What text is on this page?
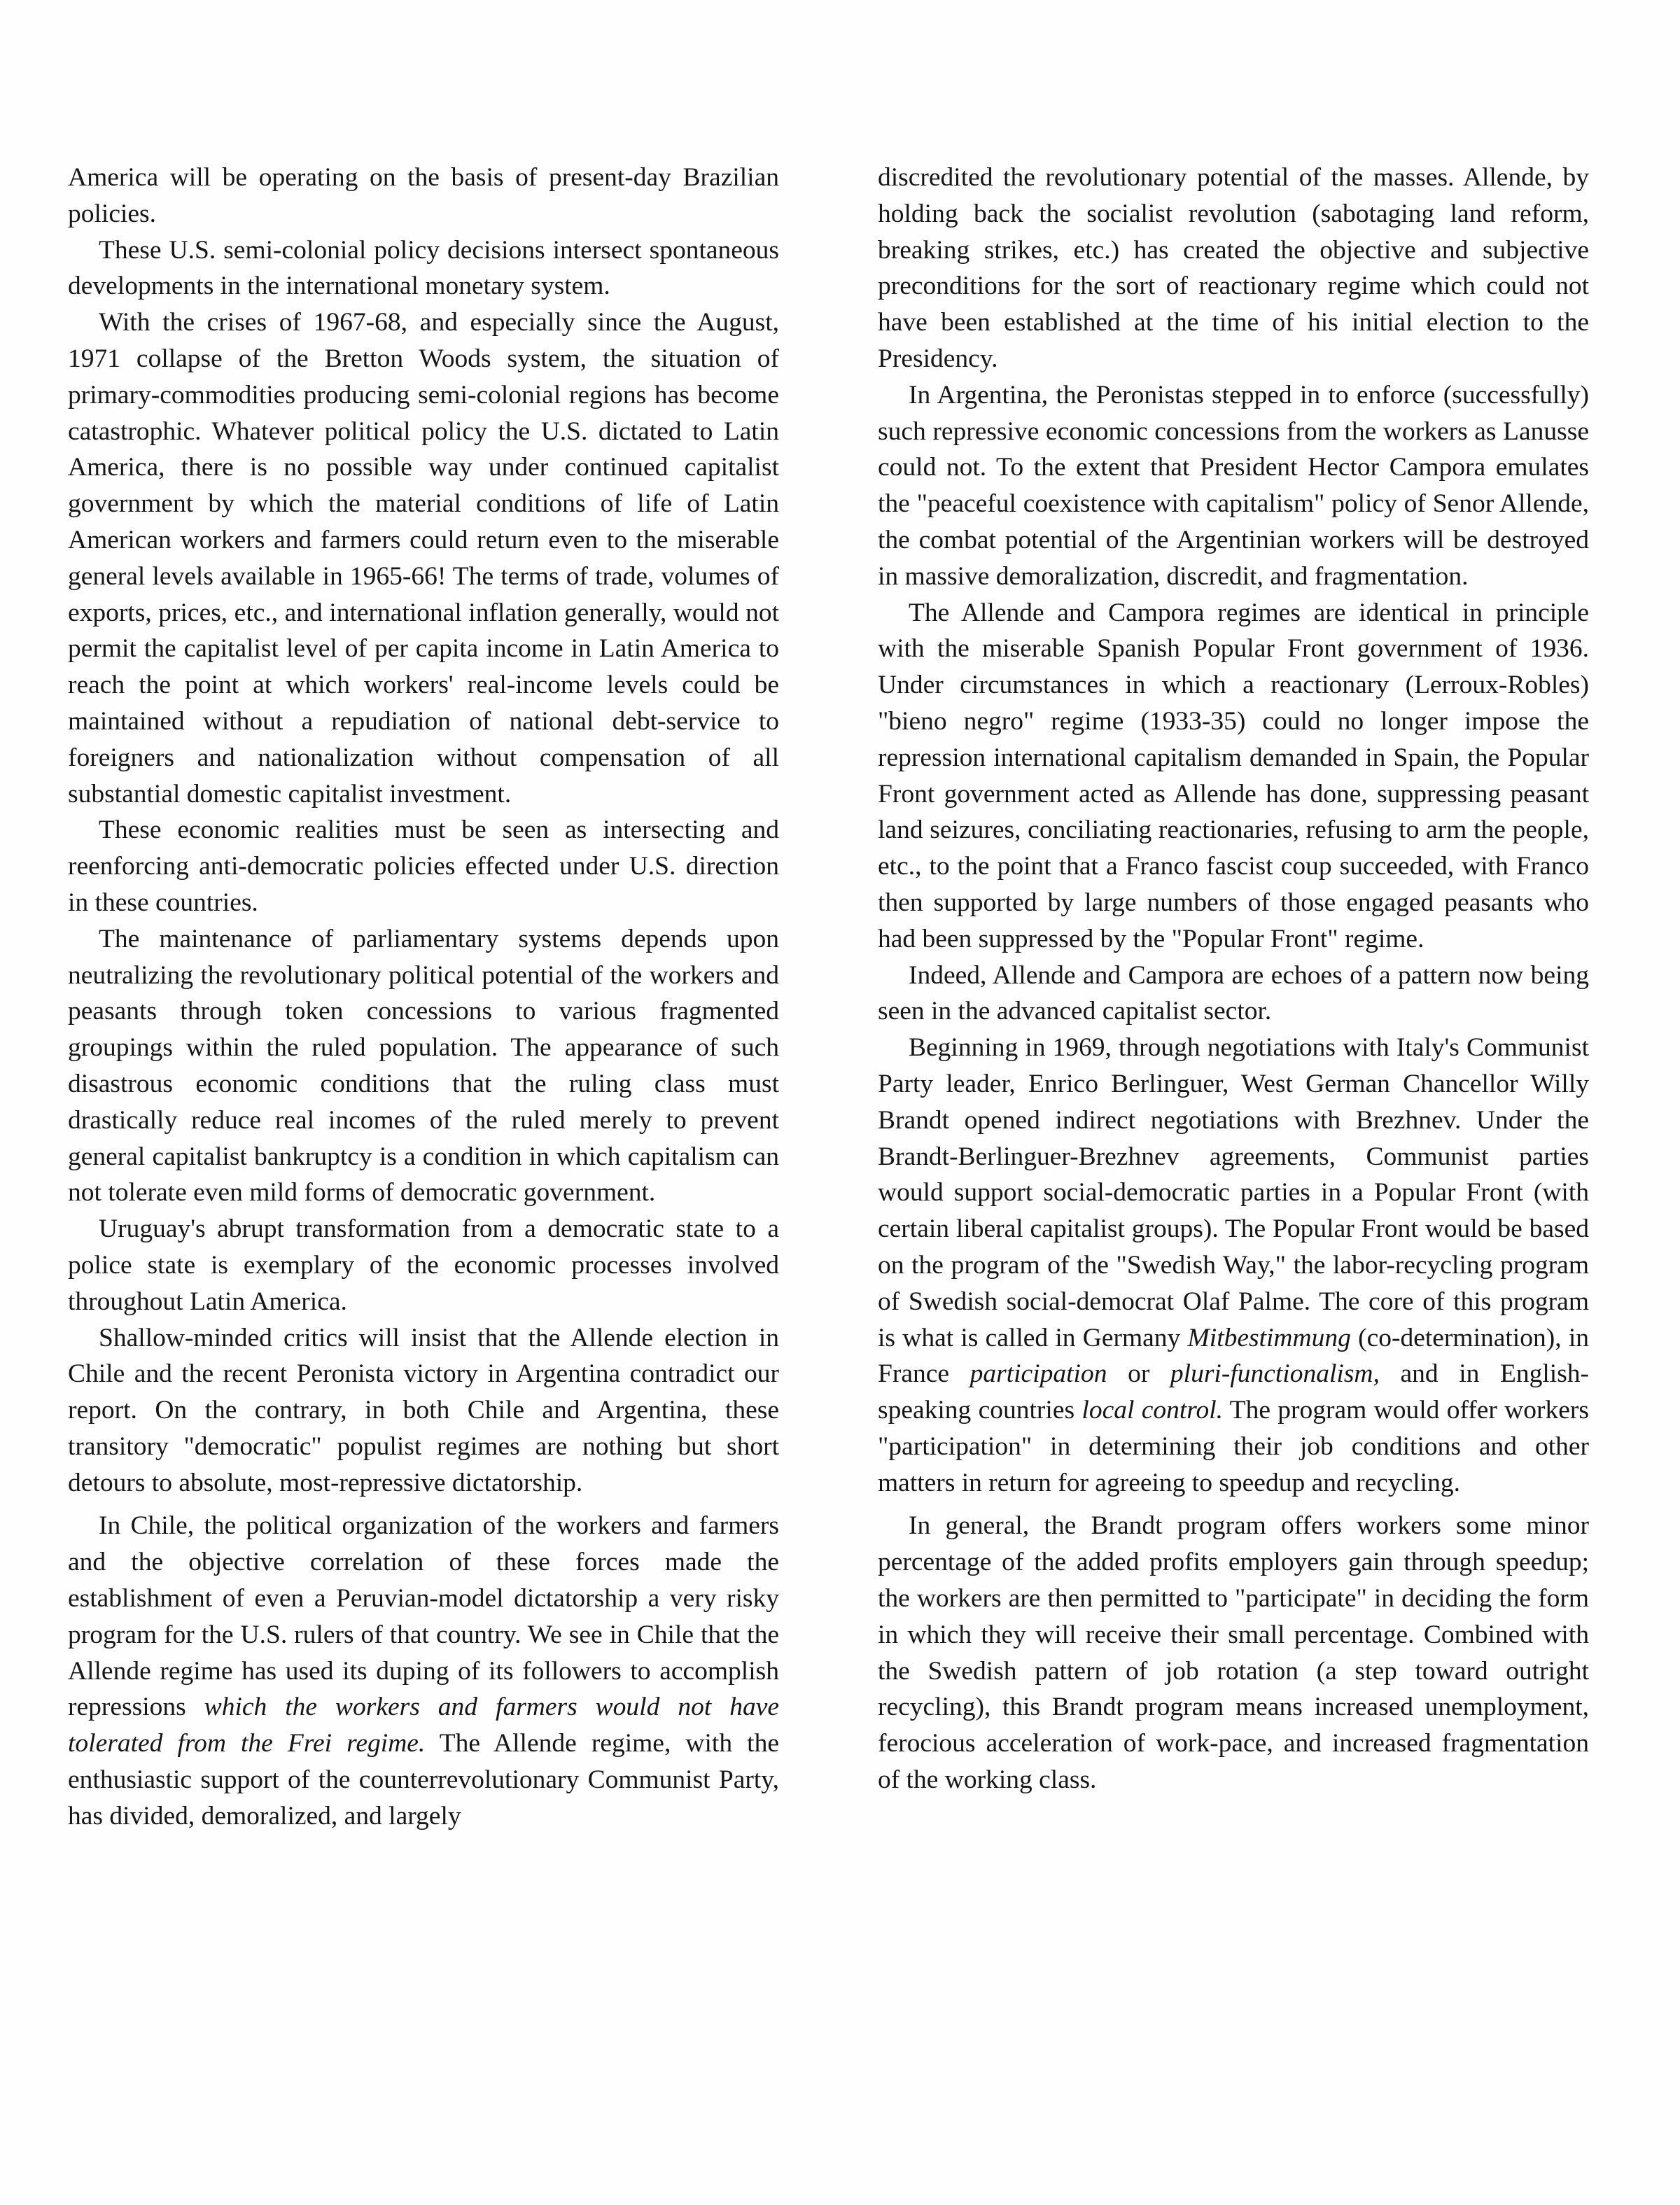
America will be operating on the basis of present-day Brazilian policies.

These U.S. semi-colonial policy decisions intersect spontaneous developments in the international monetary system.

With the crises of 1967-68, and especially since the August, 1971 collapse of the Bretton Woods system, the situation of primary-commodities producing semi-colonial regions has become catastrophic. Whatever political policy the U.S. dictated to Latin America, there is no possible way under continued capitalist government by which the material conditions of life of Latin American workers and farmers could return even to the miserable general levels available in 1965-66! The terms of trade, volumes of exports, prices, etc., and international inflation generally, would not permit the capitalist level of per capita income in Latin America to reach the point at which workers' real-income levels could be maintained without a repudiation of national debt-service to foreigners and nationalization without compensation of all substantial domestic capitalist investment.

These economic realities must be seen as intersecting and reenforcing anti-democratic policies effected under U.S. direction in these countries.

The maintenance of parliamentary systems depends upon neutralizing the revolutionary political potential of the workers and peasants through token concessions to various fragmented groupings within the ruled population. The appearance of such disastrous economic conditions that the ruling class must drastically reduce real incomes of the ruled merely to prevent general capitalist bankruptcy is a condition in which capitalism can not tolerate even mild forms of democratic government.

Uruguay's abrupt transformation from a democratic state to a police state is exemplary of the economic processes involved throughout Latin America.

Shallow-minded critics will insist that the Allende election in Chile and the recent Peronista victory in Argentina contradict our report. On the contrary, in both Chile and Argentina, these transitory "democratic" populist regimes are nothing but short detours to absolute, most-repressive dictatorship.

In Chile, the political organization of the workers and farmers and the objective correlation of these forces made the establishment of even a Peruvian-model dictatorship a very risky program for the U.S. rulers of that country. We see in Chile that the Allende regime has used its duping of its followers to accomplish repressions which the workers and farmers would not have tolerated from the Frei regime. The Allende regime, with the enthusiastic support of the counterrevolutionary Communist Party, has divided, demoralized, and largely

discredited the revolutionary potential of the masses. Allende, by holding back the socialist revolution (sabotaging land reform, breaking strikes, etc.) has created the objective and subjective preconditions for the sort of reactionary regime which could not have been established at the time of his initial election to the Presidency.

In Argentina, the Peronistas stepped in to enforce (successfully) such repressive economic concessions from the workers as Lanusse could not. To the extent that President Hector Campora emulates the "peaceful coexistence with capitalism" policy of Senor Allende, the combat potential of the Argentinian workers will be destroyed in massive demoralization, discredit, and fragmentation.

The Allende and Campora regimes are identical in principle with the miserable Spanish Popular Front government of 1936. Under circumstances in which a reactionary (Lerroux-Robles) "bieno negro" regime (1933-35) could no longer impose the repression international capitalism demanded in Spain, the Popular Front government acted as Allende has done, suppressing peasant land seizures, conciliating reactionaries, refusing to arm the people, etc., to the point that a Franco fascist coup succeeded, with Franco then supported by large numbers of those engaged peasants who had been suppressed by the "Popular Front" regime.

Indeed, Allende and Campora are echoes of a pattern now being seen in the advanced capitalist sector.

Beginning in 1969, through negotiations with Italy's Communist Party leader, Enrico Berlinguer, West German Chancellor Willy Brandt opened indirect negotiations with Brezhnev. Under the Brandt-Berlinguer-Brezhnev agreements, Communist parties would support social-democratic parties in a Popular Front (with certain liberal capitalist groups). The Popular Front would be based on the program of the "Swedish Way," the labor-recycling program of Swedish social-democrat Olaf Palme. The core of this program is what is called in Germany Mitbestimmung (co-determination), in France participation or pluri-functionalism, and in English-speaking countries local control. The program would offer workers "participation" in determining their job conditions and other matters in return for agreeing to speedup and recycling.

In general, the Brandt program offers workers some minor percentage of the added profits employers gain through speedup; the workers are then permitted to "participate" in deciding the form in which they will receive their small percentage. Combined with the Swedish pattern of job rotation (a step toward outright recycling), this Brandt program means increased unemployment, ferocious acceleration of work-pace, and increased fragmentation of the working class.
